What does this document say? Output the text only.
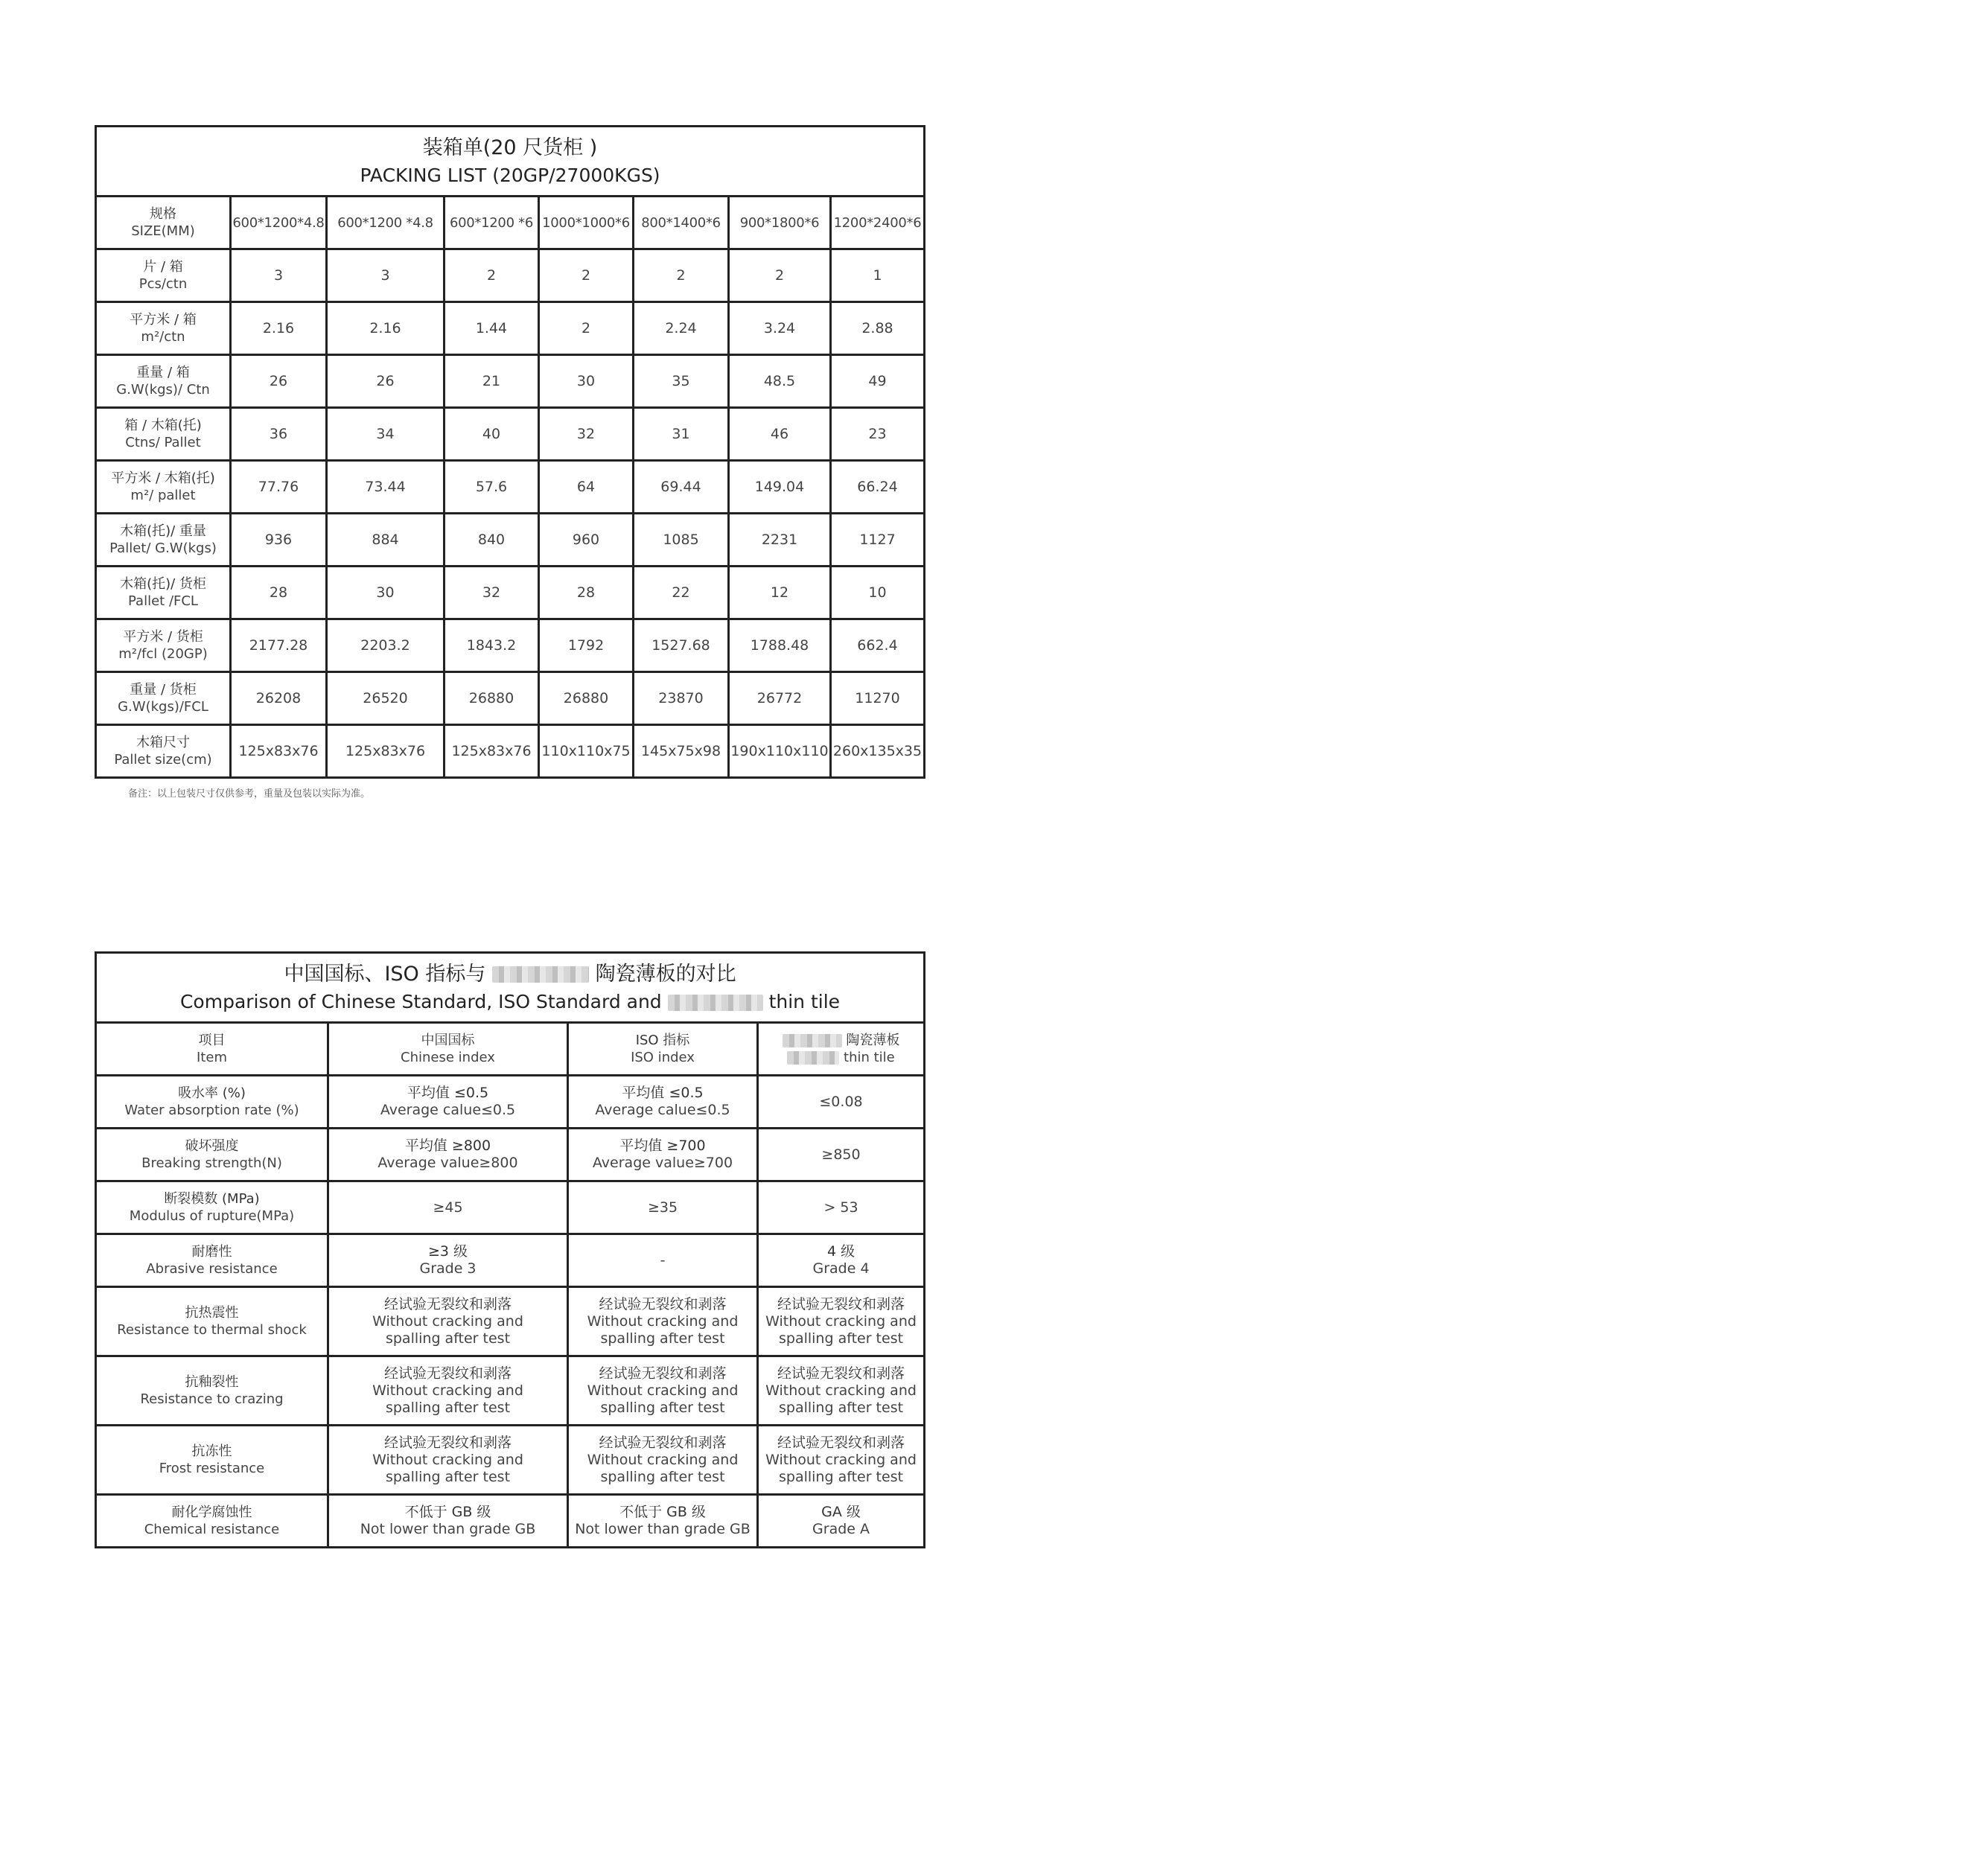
装箱单(20 尺货柜 )
PACKING LIST (20GP/27000KGS)							

规格
SIZE(MM)	600*1200*4.8	600*1200 *4.8	600*1200 *6	1000*1000*6	800*1400*6	900*1800*6	1200*2400*6

片 / 箱
Pcs/ctn	3	3	2	2	2	2	1

平方米 / 箱
m²/ctn	2.16	2.16	1.44	2	2.24	3.24	2.88

重量 / 箱
G.W(kgs)/ Ctn	26	26	21	30	35	48.5	49

箱 / 木箱(托)
Ctns/ Pallet	36	34	40	32	31	46	23

平方米 / 木箱(托)
m²/ pallet	77.76	73.44	57.6	64	69.44	149.04	66.24

木箱(托)/ 重量
Pallet/ G.W(kgs)	936	884	840	960	1085	2231	1127

木箱(托)/ 货柜
Pallet /FCL	28	30	32	28	22	12	10

平方米 / 货柜
m²/fcl (20GP)	2177.28	2203.2	1843.2	1792	1527.68	1788.48	662.4

重量 / 货柜
G.W(kgs)/FCL	26208	26520	26880	26880	23870	26772	11270

木箱尺寸
Pallet size(cm)	125x83x76	125x83x76	125x83x76	110x110x75	145x75x98	190x110x110	260x135x35
备注：以上包装尺寸仅供参考，重量及包装以实际为准。
中国国标、ISO 指标与 陶瓷薄板的对比
Comparison of Chinese Standard, ISO Standard and thin tile			

项目
Item	中国国标
Chinese index	ISO 指标
ISO index	陶瓷薄板
thin tile

吸水率 (%)
Water absorption rate (%)	平均值 ≤0.5
Average calue≤0.5	平均值 ≤0.5
Average calue≤0.5	≤0.08

破坏强度
Breaking strength(N)	平均值 ≥800
Average value≥800	平均值 ≥700
Average value≥700	≥850

断裂模数 (MPa)
Modulus of rupture(MPa)	≥45	≥35	> 53

耐磨性
Abrasive resistance	≥3 级
Grade 3	-	4 级
Grade 4

抗热震性
Resistance to thermal shock	经试验无裂纹和剥落
Without cracking and
spalling after test	经试验无裂纹和剥落
Without cracking and
spalling after test	经试验无裂纹和剥落
Without cracking and
spalling after test

抗釉裂性
Resistance to crazing	经试验无裂纹和剥落
Without cracking and
spalling after test	经试验无裂纹和剥落
Without cracking and
spalling after test	经试验无裂纹和剥落
Without cracking and
spalling after test

抗冻性
Frost resistance	经试验无裂纹和剥落
Without cracking and
spalling after test	经试验无裂纹和剥落
Without cracking and
spalling after test	经试验无裂纹和剥落
Without cracking and
spalling after test

耐化学腐蚀性
Chemical resistance	不低于 GB 级
Not lower than grade GB	不低于 GB 级
Not lower than grade GB	GA 级
Grade A
